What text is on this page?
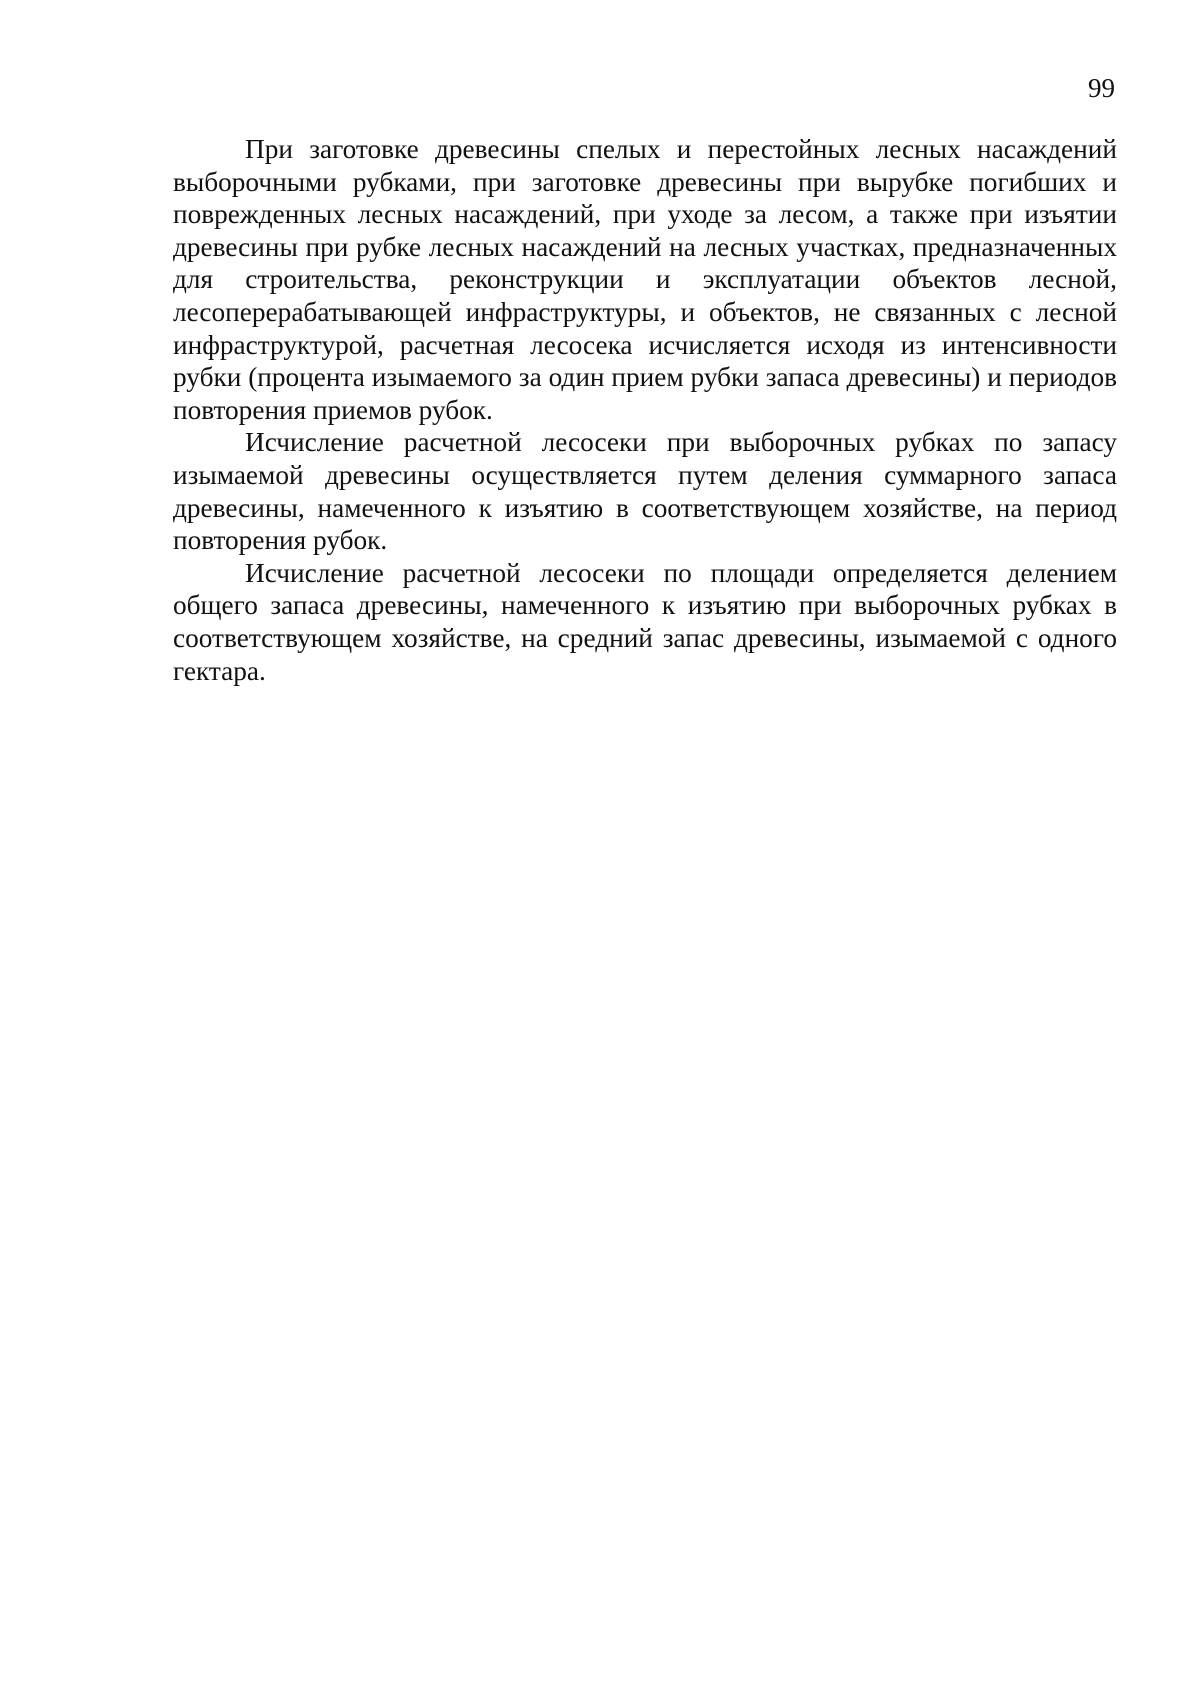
99

При заготовке древесины спелых и перестойных лесных насаждений выборочными рубками, при заготовке древесины при вырубке погибших и поврежденных лесных насаждений, при уходе за лесом, а также при изъятии древесины при рубке лесных насаждений на лесных участках, предназначенных для строительства, реконструкции и эксплуатации объектов лесной, лесоперерабатывающей инфраструктуры, и объектов, не связанных с лесной инфраструктурой, расчетная лесосека исчисляется исходя из интенсивности рубки (процента изымаемого за один прием рубки запаса древесины) и периодов повторения приемов рубок.

Исчисление расчетной лесосеки при выборочных рубках по запасу изымаемой древесины осуществляется путем деления суммарного запаса древесины, намеченного к изъятию в соответствующем хозяйстве, на период повторения рубок.

Исчисление расчетной лесосеки по площади определяется делением общего запаса древесины, намеченного к изъятию при выборочных рубках в соответствующем хозяйстве, на средний запас древесины, изымаемой с одного гектара.
